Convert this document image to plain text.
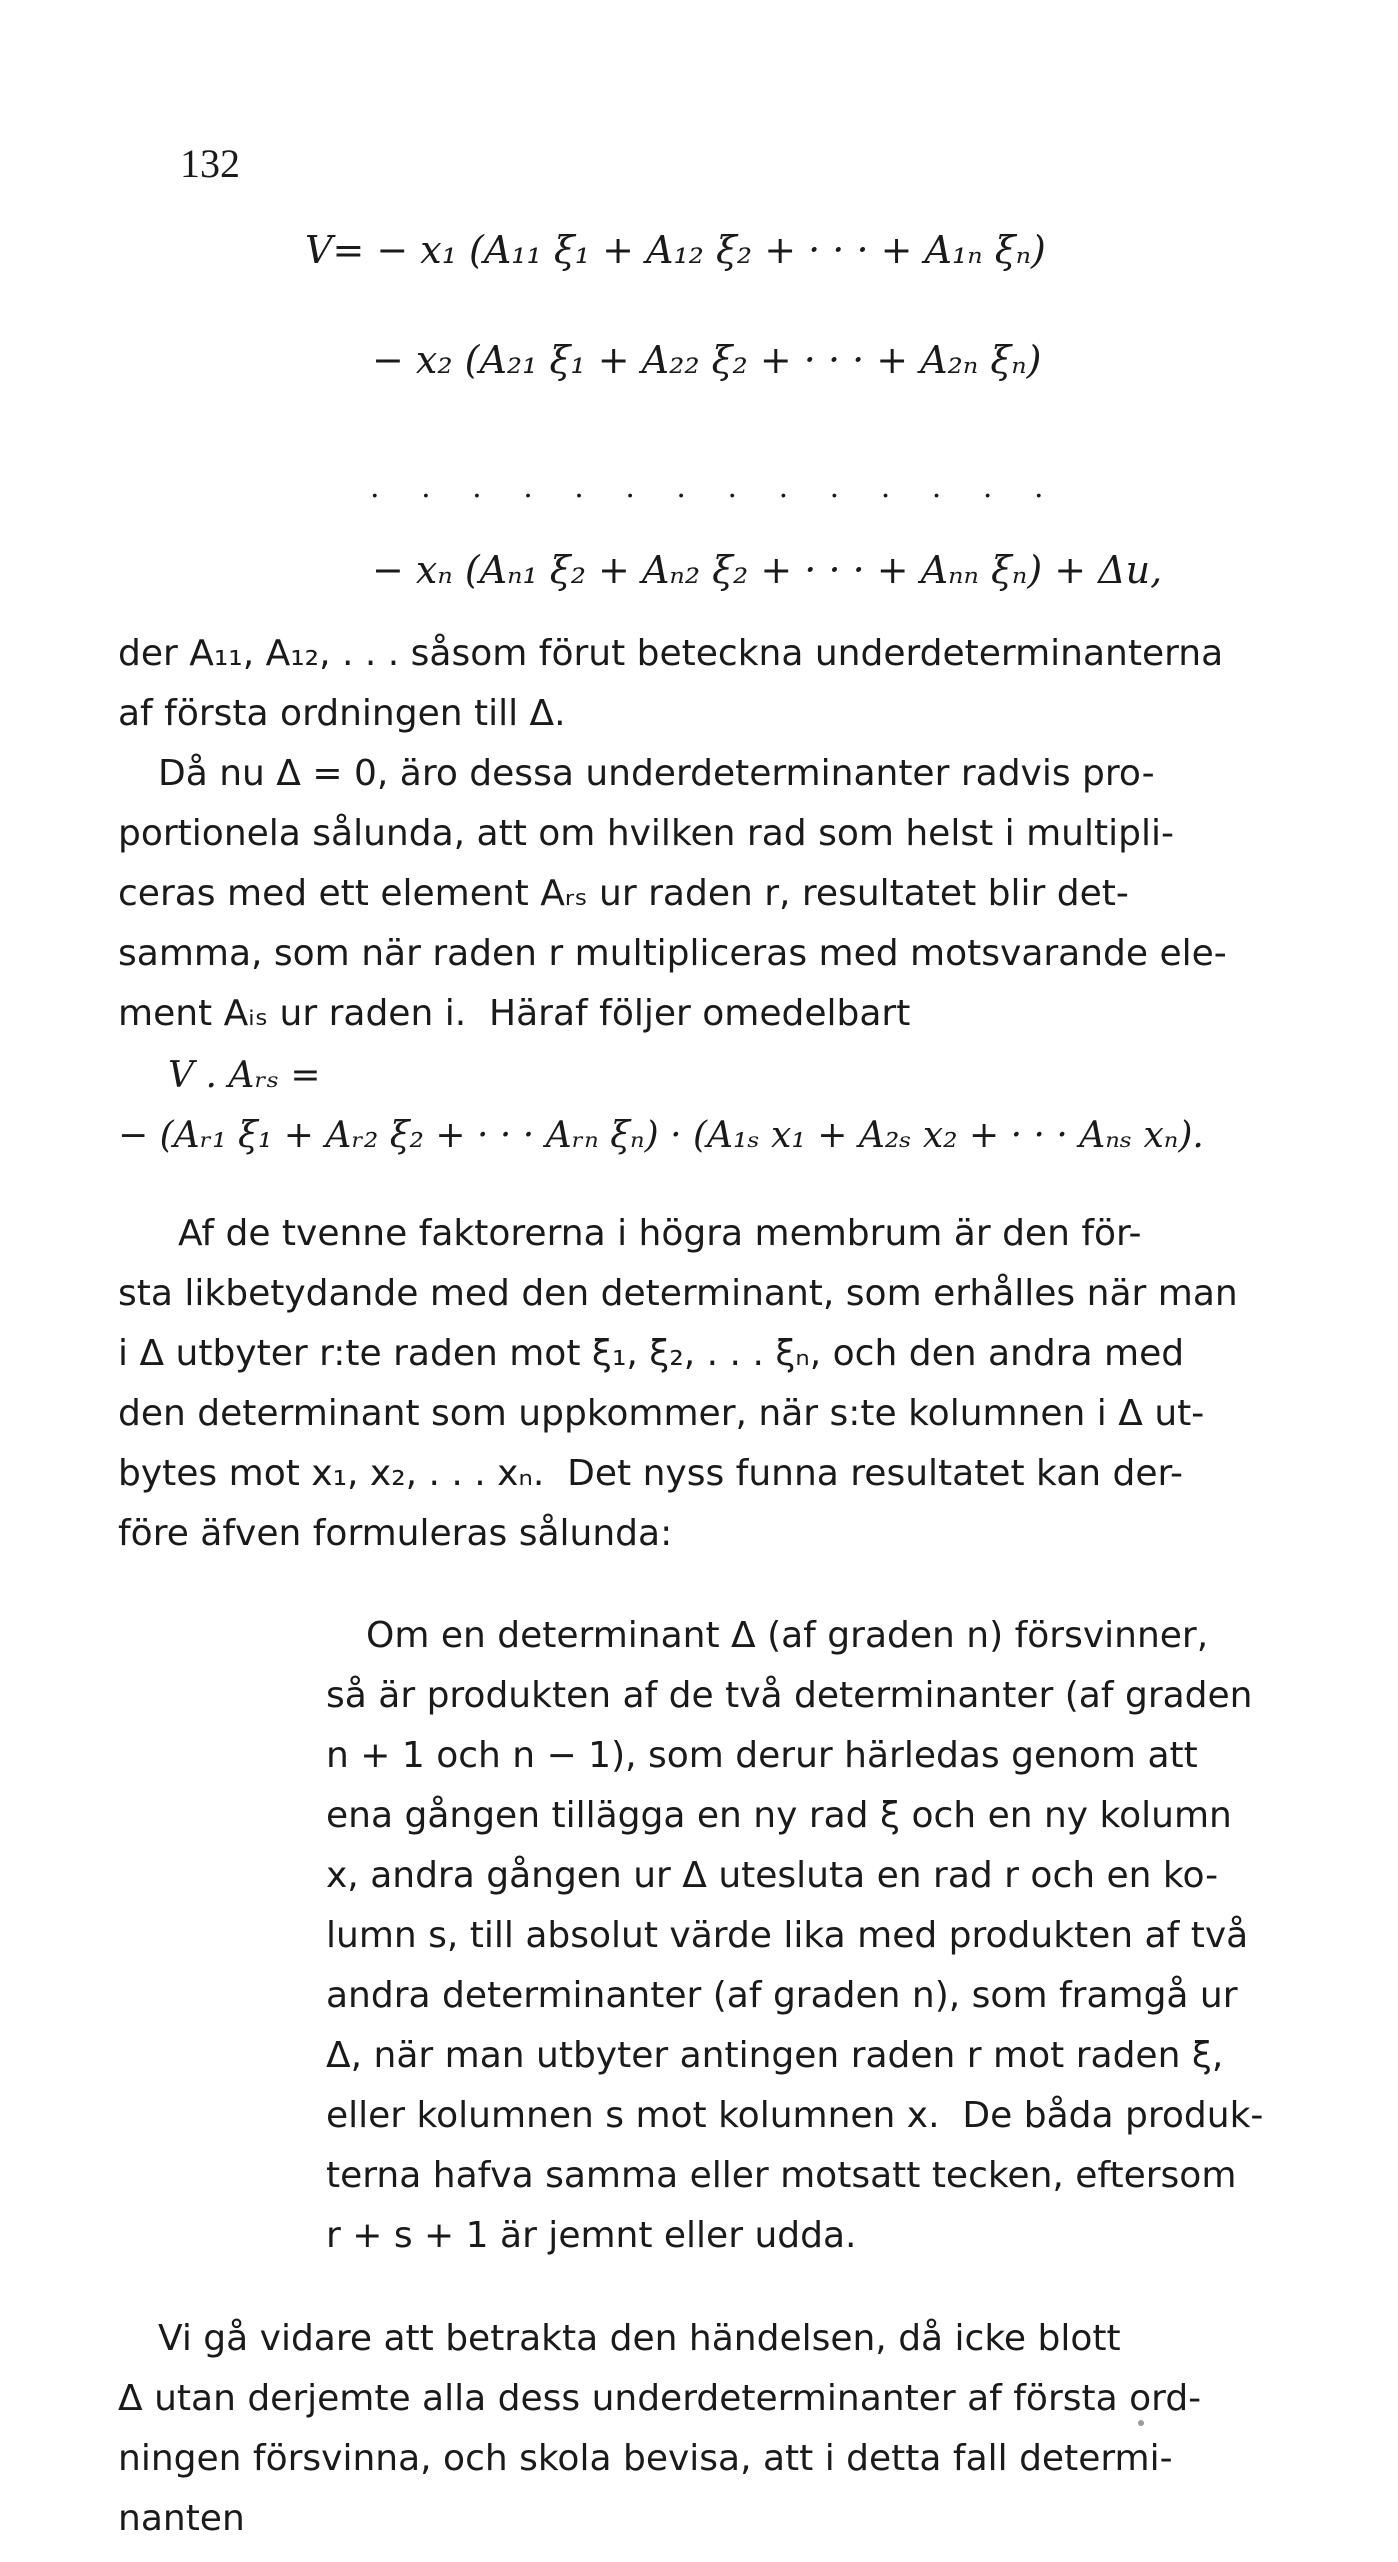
132
V= − x₁ (A₁₁ ξ₁ + A₁₂ ξ₂ + · · · + A₁ₙ ξₙ)
− x₂ (A₂₁ ξ₁ + A₂₂ ξ₂ + · · · + A₂ₙ ξₙ)
. . . . . . . . . . . . . .
− xₙ (Aₙ₁ ξ₂ + Aₙ₂ ξ₂ + · · · + Aₙₙ ξₙ) + Δu,
der A₁₁, A₁₂, . . . såsom förut beteckna underdeterminanterna
af första ordningen till Δ.
Då nu Δ = 0, äro dessa underdeterminanter radvis pro-
portionela sålunda, att om hvilken rad som helst i multipli-
ceras med ett element Aᵣₛ ur raden r, resultatet blir det-
samma, som när raden r multipliceras med motsvarande ele-
ment Aᵢₛ ur raden i.  Häraf följer omedelbart
V . Aᵣₛ =
− (Aᵣ₁ ξ₁ + Aᵣ₂ ξ₂ + · · · Aᵣₙ ξₙ) · (A₁ₛ x₁ + A₂ₛ x₂ + · · · Aₙₛ xₙ).
Af de tvenne faktorerna i högra membrum är den för-
sta likbetydande med den determinant, som erhålles när man
i Δ utbyter r:te raden mot ξ₁, ξ₂, . . . ξₙ, och den andra med
den determinant som uppkommer, när s:te kolumnen i Δ ut-
bytes mot x₁, x₂, . . . xₙ.  Det nyss funna resultatet kan der-
före äfven formuleras sålunda:
Om en determinant Δ (af graden n) försvinner,
så är produkten af de två determinanter (af graden
n + 1 och n − 1), som derur härledas genom att
ena gången tillägga en ny rad ξ och en ny kolumn
x, andra gången ur Δ utesluta en rad r och en ko-
lumn s, till absolut värde lika med produkten af två
andra determinanter (af graden n), som framgå ur
Δ, när man utbyter antingen raden r mot raden ξ,
eller kolumnen s mot kolumnen x.  De båda produk-
terna hafva samma eller motsatt tecken, eftersom
r + s + 1 är jemnt eller udda.
Vi gå vidare att betrakta den händelsen, då icke blott
Δ utan derjemte alla dess underdeterminanter af första ord-
ningen försvinna, och skola bevisa, att i detta fall determi-
nanten
